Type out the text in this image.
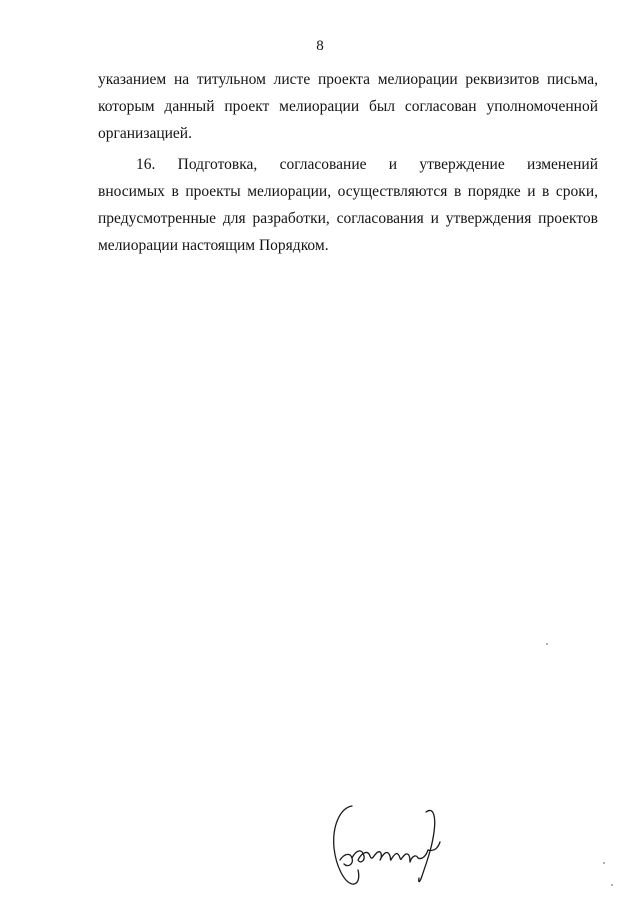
8
указанием на титульном листе проекта мелиорации реквизитов письма,
которым данный проект мелиорации был согласован уполномоченной
организацией.
16. Подготовка, согласование и утверждение изменений
вносимых в проекты мелиорации, осуществляются в порядке и в сроки,
предусмотренные для разработки, согласования и утверждения проектов
мелиорации настоящим Порядком.
